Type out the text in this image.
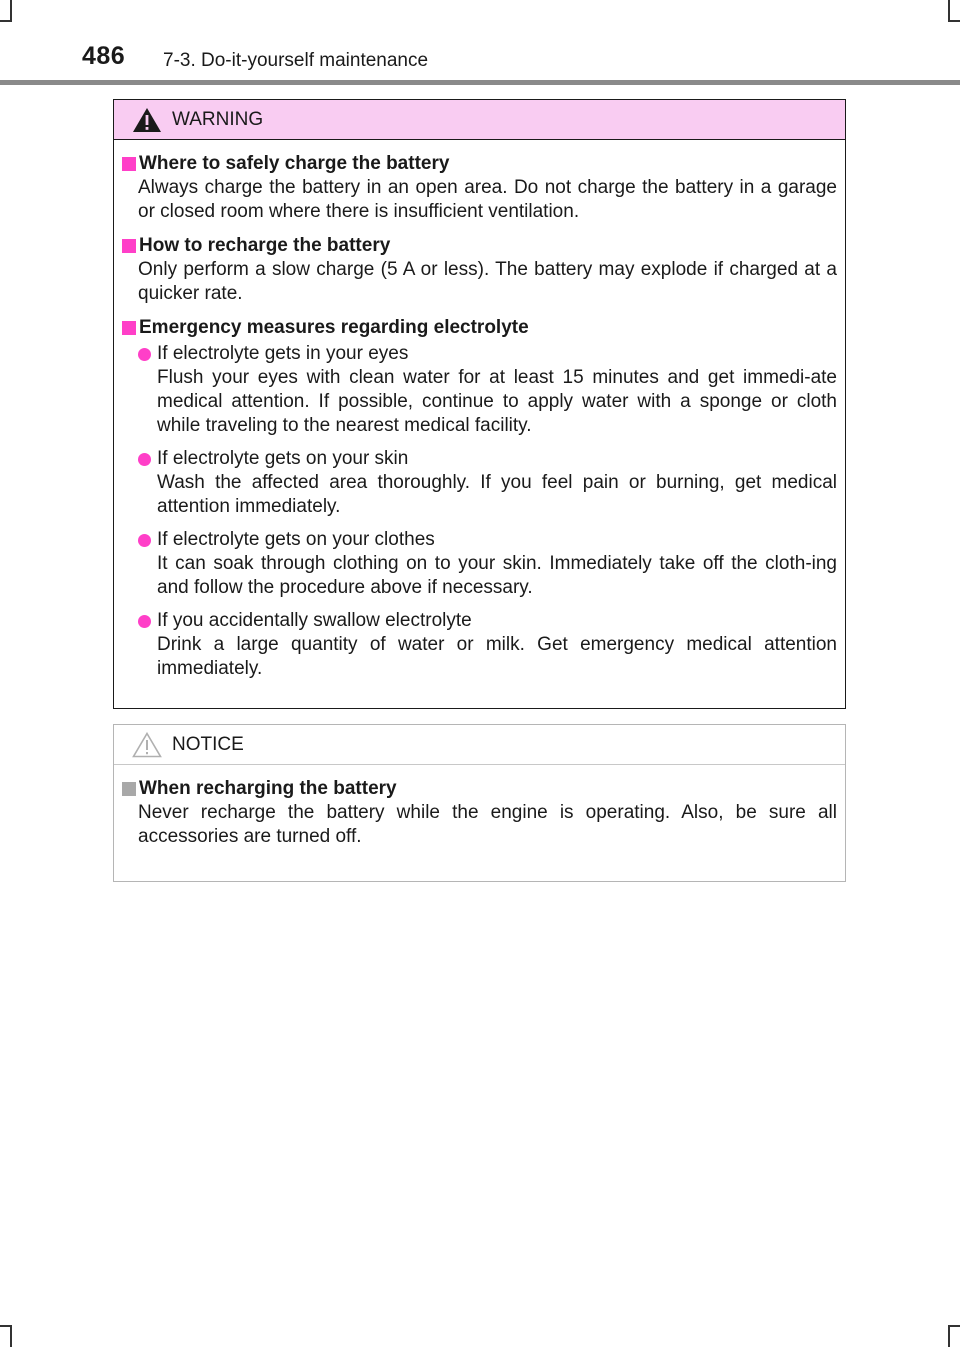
486 7-3. Do-it-yourself maintenance
WARNING
Where to safely charge the battery
Always charge the battery in an open area. Do not charge the battery in a garage or closed room where there is insufficient ventilation.
How to recharge the battery
Only perform a slow charge (5 A or less). The battery may explode if charged at a quicker rate.
Emergency measures regarding electrolyte
If electrolyte gets in your eyes
Flush your eyes with clean water for at least 15 minutes and get immedi-ate medical attention. If possible, continue to apply water with a sponge or cloth while traveling to the nearest medical facility.
If electrolyte gets on your skin
Wash the affected area thoroughly. If you feel pain or burning, get medical attention immediately.
If electrolyte gets on your clothes
It can soak through clothing on to your skin. Immediately take off the cloth-ing and follow the procedure above if necessary.
If you accidentally swallow electrolyte
Drink a large quantity of water or milk. Get emergency medical attention immediately.
NOTICE
When recharging the battery
Never recharge the battery while the engine is operating. Also, be sure all accessories are turned off.
